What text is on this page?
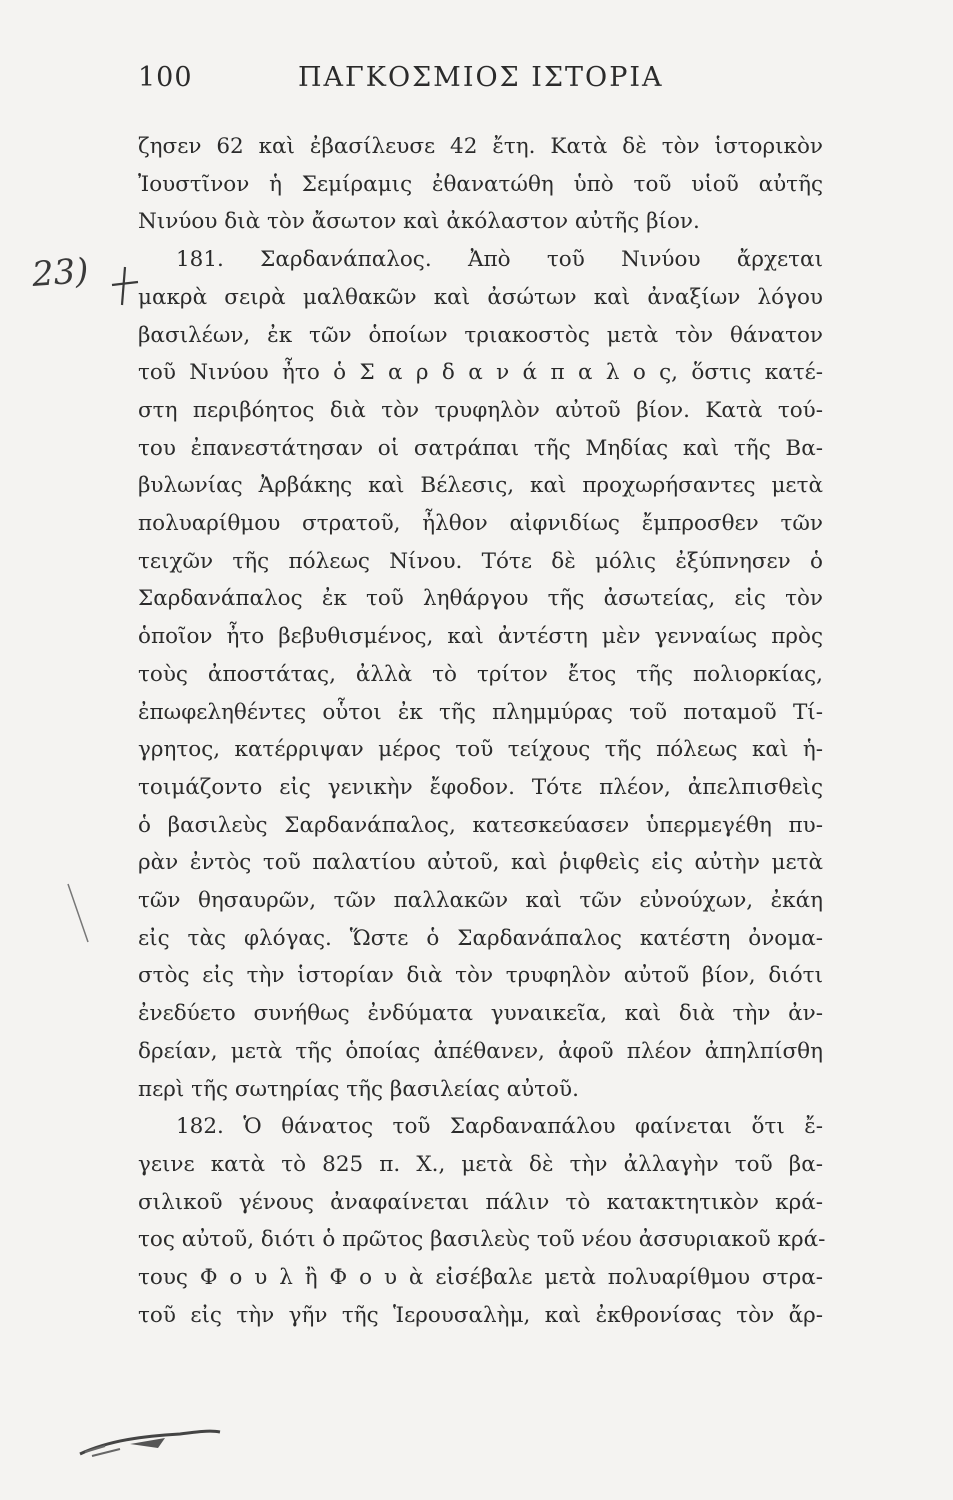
100	ΠΑΓΚΟΣΜΙΟΣ ΙΣΤΟΡΙΑ
23)
ζησεν 62 καὶ ἐβασίλευσε 42 ἔτη. Κατὰ δὲ τὸν ἱστορικὸν
Ἰουστῖνον ἡ Σεμίραμις ἐθανατώθη ὑπὸ τοῦ υἱοῦ αὐτῆς
Νινύου διὰ τὸν ἄσωτον καὶ ἀκόλαστον αὐτῆς βίον.
181. Σαρδανάπαλος. Ἀπὸ τοῦ Νινύου ἄρχεται
μακρὰ σειρὰ μαλθακῶν καὶ ἀσώτων καὶ ἀναξίων λόγου
βασιλέων, ἐκ τῶν ὁποίων τριακοστὸς μετὰ τὸν θάνατον
τοῦ Νινύου ἦτο ὁ Σ α ρ δ α ν ά π α λ ο ς, ὅστις κατέ-
στη περιβόητος διὰ τὸν τρυφηλὸν αὐτοῦ βίον. Κατὰ τού-
του ἐπανεστάτησαν οἱ σατράπαι τῆς Μηδίας καὶ τῆς Βα-
βυλωνίας Ἀρβάκης καὶ Βέλεσις, καὶ προχωρήσαντες μετὰ
πολυαρίθμου στρατοῦ, ἦλθον αἰφνιδίως ἔμπροσθεν τῶν
τειχῶν τῆς πόλεως Νίνου. Τότε δὲ μόλις ἐξύπνησεν ὁ
Σαρδανάπαλος ἐκ τοῦ ληθάργου τῆς ἀσωτείας, εἰς τὸν
ὁποῖον ἦτο βεβυθισμένος, καὶ ἀντέστη μὲν γενναίως πρὸς
τοὺς ἀποστάτας, ἀλλὰ τὸ τρίτον ἔτος τῆς πολιορκίας,
ἐπωφεληθέντες οὗτοι ἐκ τῆς πλημμύρας τοῦ ποταμοῦ Τί-
γρητος, κατέρριψαν μέρος τοῦ τείχους τῆς πόλεως καὶ ἡ-
τοιμάζοντο εἰς γενικὴν ἔφοδον. Τότε πλέον, ἀπελπισθεὶς
ὁ βασιλεὺς Σαρδανάπαλος, κατεσκεύασεν ὑπερμεγέθη πυ-
ρὰν ἐντὸς τοῦ παλατίου αὐτοῦ, καὶ ῥιφθεὶς εἰς αὐτὴν μετὰ
τῶν θησαυρῶν, τῶν παλλακῶν καὶ τῶν εὐνούχων, ἐκάη
εἰς τὰς φλόγας. Ὥστε ὁ Σαρδανάπαλος κατέστη ὀνομα-
στὸς εἰς τὴν ἱστορίαν διὰ τὸν τρυφηλὸν αὐτοῦ βίον, διότι
ἐνεδύετο συνήθως ἐνδύματα γυναικεῖα, καὶ διὰ τὴν ἀν-
δρείαν, μετὰ τῆς ὁποίας ἀπέθανεν, ἀφοῦ πλέον ἀπηλπίσθη
περὶ τῆς σωτηρίας τῆς βασιλείας αὐτοῦ.
182. Ὁ θάνατος τοῦ Σαρδαναπάλου φαίνεται ὅτι ἔ-
γεινε κατὰ τὸ 825 π. Χ., μετὰ δὲ τὴν ἀλλαγὴν τοῦ βα-
σιλικοῦ γένους ἀναφαίνεται πάλιν τὸ κατακτητικὸν κρά-
τος αὐτοῦ, διότι ὁ πρῶτος βασιλεὺς τοῦ νέου ἀσσυριακοῦ κρά-
τους Φ ο υ λ ἢ Φ ο υ ὰ εἰσέβαλε μετὰ πολυαρίθμου στρα-
τοῦ εἰς τὴν γῆν τῆς Ἱερουσαλὴμ, καὶ ἐκθρονίσας τὸν ἄρ-
